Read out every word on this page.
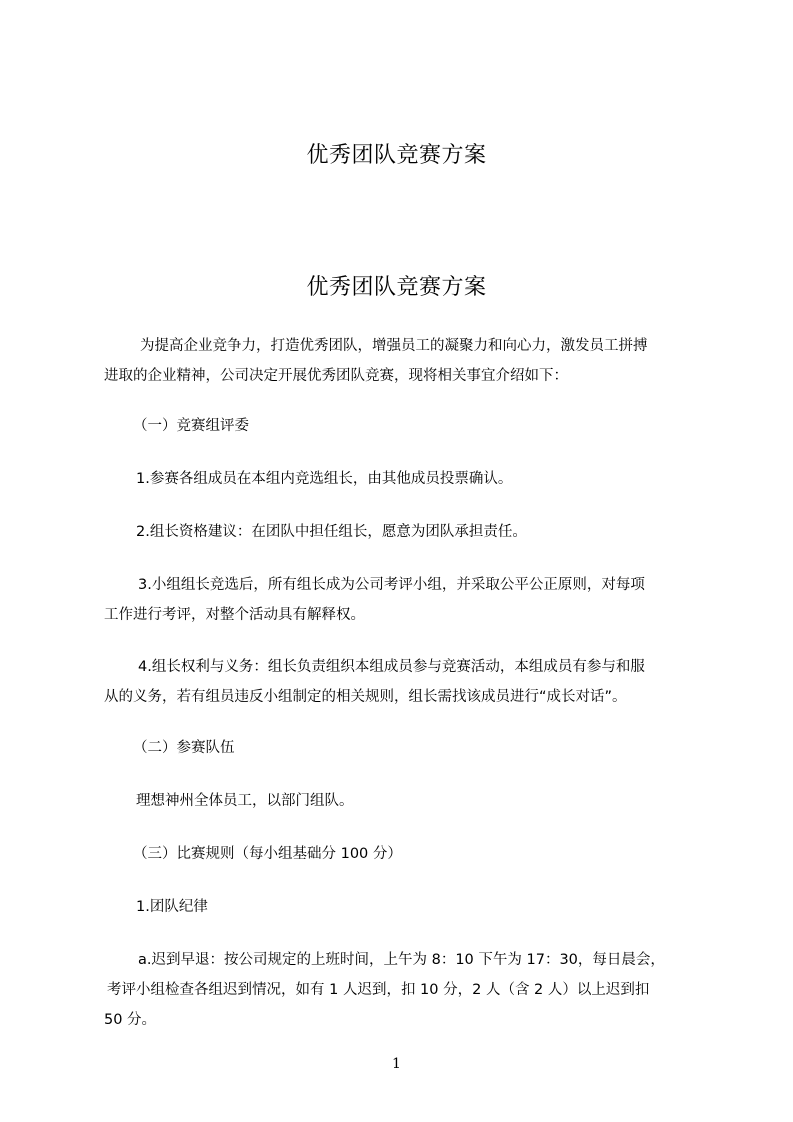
优秀团队竞赛方案
优秀团队竞赛方案
为提高企业竞争力，打造优秀团队，增强员工的凝聚力和向心力，激发员工拼搏
进取的企业精神，公司决定开展优秀团队竞赛，现将相关事宜介绍如下：
（一）竞赛组评委
1.参赛各组成员在本组内竞选组长，由其他成员投票确认。
2.组长资格建议：在团队中担任组长，愿意为团队承担责任。
3.小组组长竞选后，所有组长成为公司考评小组，并采取公平公正原则，对每项
工作进行考评，对整个活动具有解释权。
4.组长权利与义务：组长负责组织本组成员参与竞赛活动，本组成员有参与和服
从的义务，若有组员违反小组制定的相关规则，组长需找该成员进行“成长对话”。
（二）参赛队伍
理想神州全体员工，以部门组队。
（三）比赛规则（每小组基础分 100 分）
1.团队纪律
a.迟到早退：按公司规定的上班时间，上午为 8：10 下午为 17：30，每日晨会，
考评小组检查各组迟到情况，如有 1 人迟到，扣 10 分，2 人（含 2 人）以上迟到扣
50 分。
1
